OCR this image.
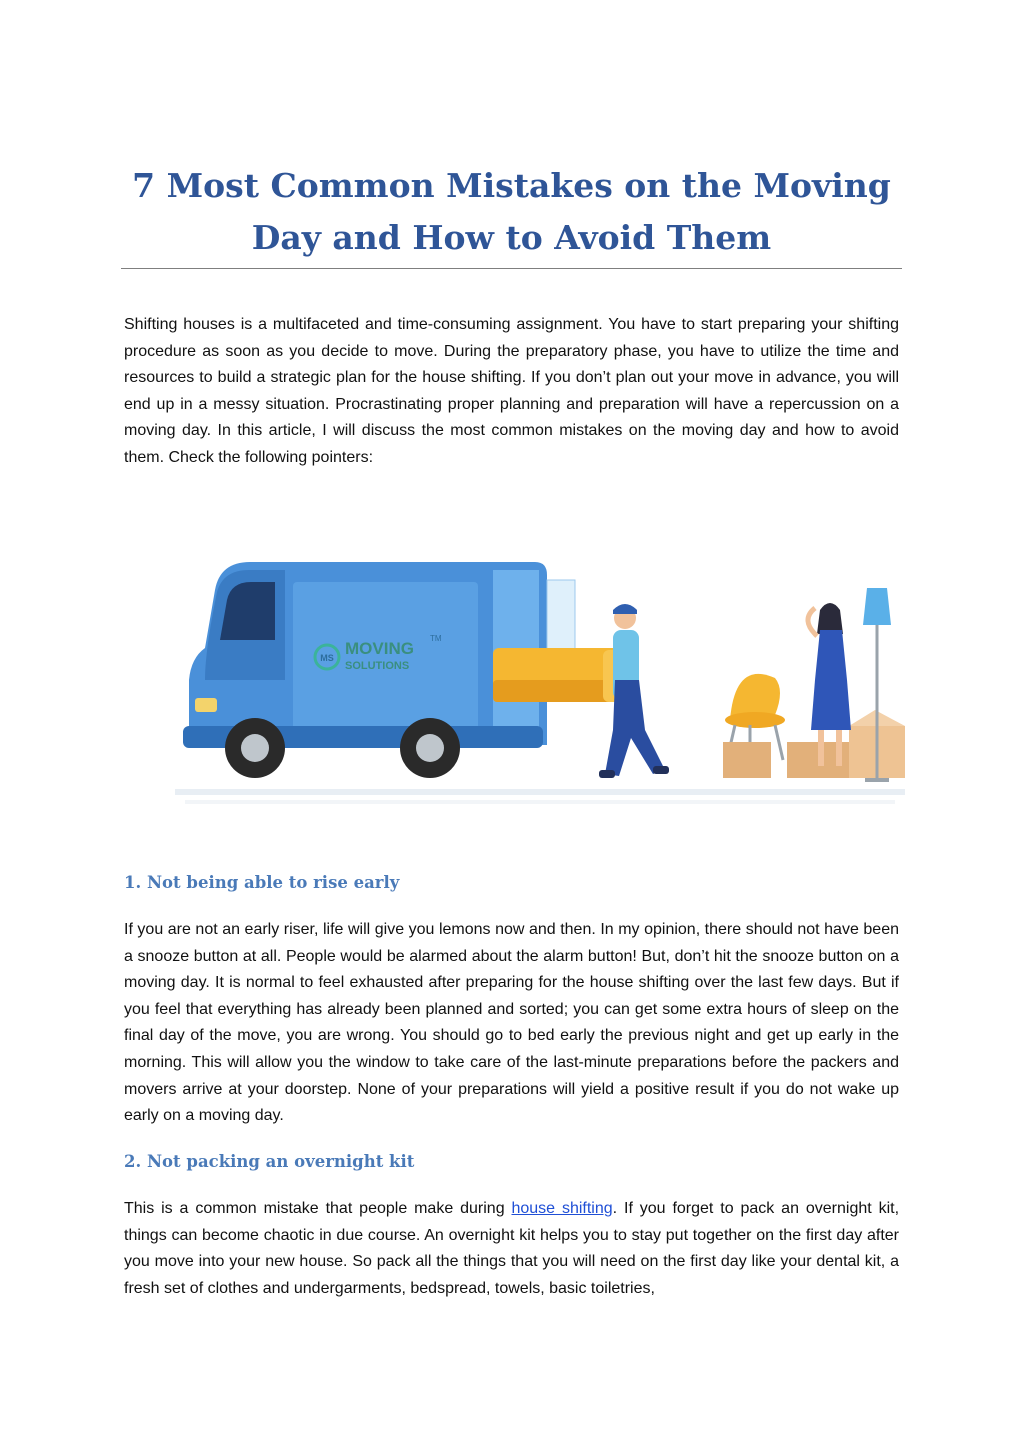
7 Most Common Mistakes on the Moving Day and How to Avoid Them

Shifting houses is a multifaceted and time-consuming assignment. You have to start preparing your shifting procedure as soon as you decide to move. During the preparatory phase, you have to utilize the time and resources to build a strategic plan for the house shifting. If you don’t plan out your move in advance, you will end up in a messy situation. Procrastinating proper planning and preparation will have a repercussion on a moving day. In this article, I will discuss the most common mistakes on the moving day and how to avoid them. Check the following pointers:

MS MOVING
SOLUTIONS
TM
1. Not being able to rise early

If you are not an early riser, life will give you lemons now and then. In my opinion, there should not have been a snooze button at all. People would be alarmed about the alarm button! But, don’t hit the snooze button on a moving day. It is normal to feel exhausted after preparing for the house shifting over the last few days. But if you feel that everything has already been planned and sorted; you can get some extra hours of sleep on the final day of the move, you are wrong. You should go to bed early the previous night and get up early in the morning. This will allow you the window to take care of the last-minute preparations before the packers and movers arrive at your doorstep. None of your preparations will yield a positive result if you do not wake up early on a moving day.

2. Not packing an overnight kit

This is a common mistake that people make during house shifting. If you forget to pack an overnight kit, things can become chaotic in due course. An overnight kit helps you to stay put together on the first day after you move into your new house. So pack all the things that you will need on the first day like your dental kit, a fresh set of clothes and undergarments, bedspread, towels, basic toiletries,
